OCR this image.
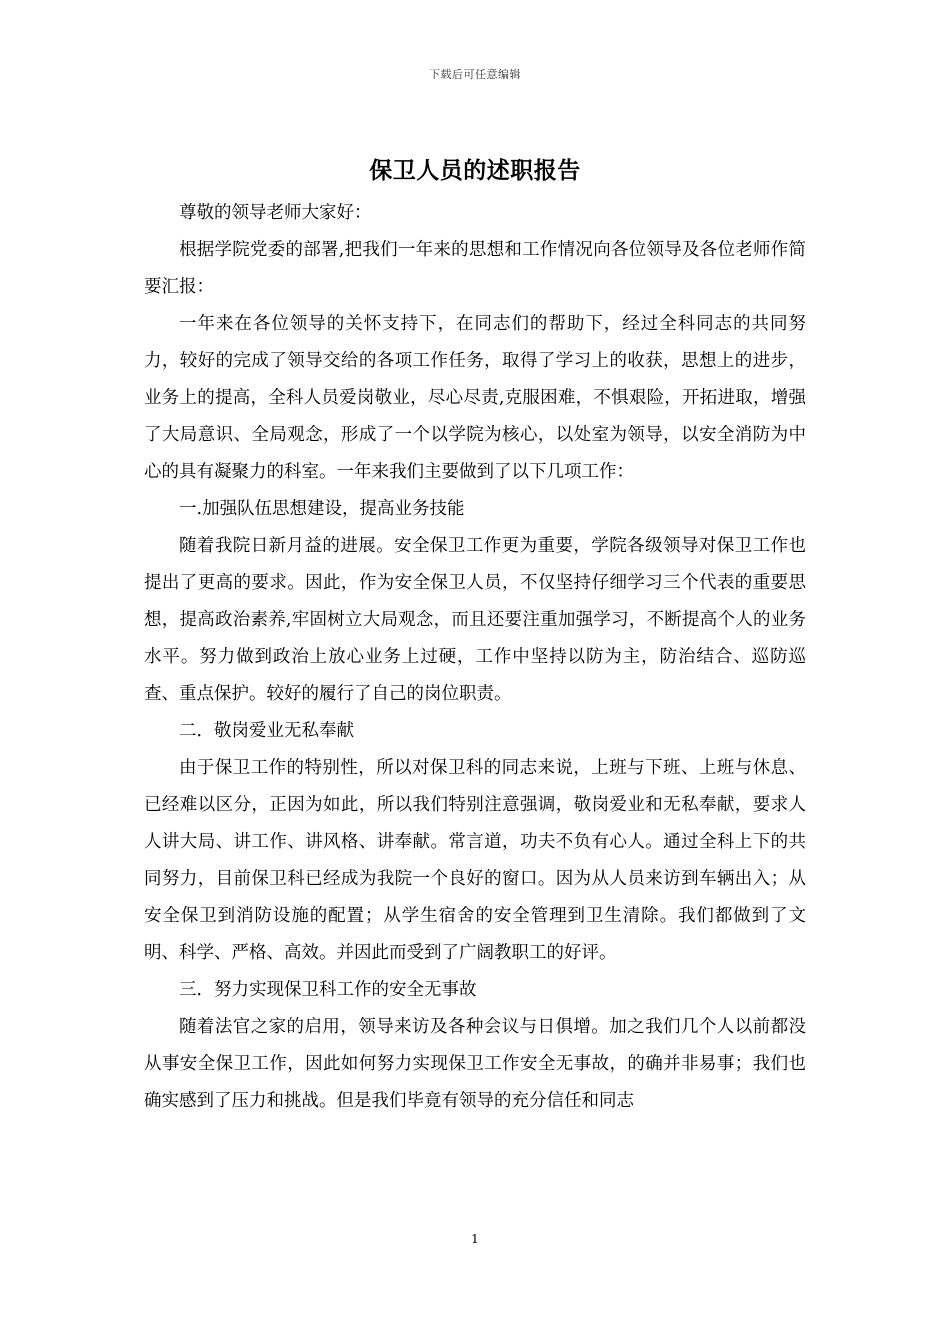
下载后可任意编辑
保卫人员的述职报告

尊敬的领导老师大家好：

根据学院党委的部署,把我们一年来的思想和工作情况向各位领导及各位老师作简要汇报：

一年来在各位领导的关怀支持下，在同志们的帮助下，经过全科同志的共同努力，较好的完成了领导交给的各项工作任务，取得了学习上的收获，思想上的进步，业务上的提高，全科人员爱岗敬业，尽心尽责,克服困难，不惧艰险，开拓进取，增强了大局意识、全局观念，形成了一个以学院为核心，以处室为领导，以安全消防为中心的具有凝聚力的科室。一年来我们主要做到了以下几项工作：

一.加强队伍思想建设，提高业务技能

随着我院日新月益的进展。安全保卫工作更为重要，学院各级领导对保卫工作也提出了更高的要求。因此，作为安全保卫人员，不仅坚持仔细学习三个代表的重要思想，提高政治素养,牢固树立大局观念，而且还要注重加强学习，不断提高个人的业务水平。努力做到政治上放心业务上过硬，工作中坚持以防为主，防治结合、巡防巡查、重点保护。较好的履行了自己的岗位职责。

二．敬岗爱业无私奉献

由于保卫工作的特别性，所以对保卫科的同志来说，上班与下班、上班与休息、已经难以区分，正因为如此，所以我们特别注意强调，敬岗爱业和无私奉献，要求人人讲大局、讲工作、讲风格、讲奉献。常言道，功夫不负有心人。通过全科上下的共同努力，目前保卫科已经成为我院一个良好的窗口。因为从人员来访到车辆出入；从安全保卫到消防设施的配置；从学生宿舍的安全管理到卫生清除。我们都做到了文明、科学、严格、高效。并因此而受到了广阔教职工的好评。

三．努力实现保卫科工作的安全无事故

随着法官之家的启用，领导来访及各种会议与日俱增。加之我们几个人以前都没从事安全保卫工作，因此如何努力实现保卫工作安全无事故，的确并非易事；我们也确实感到了压力和挑战。但是我们毕竟有领导的充分信任和同志

1
